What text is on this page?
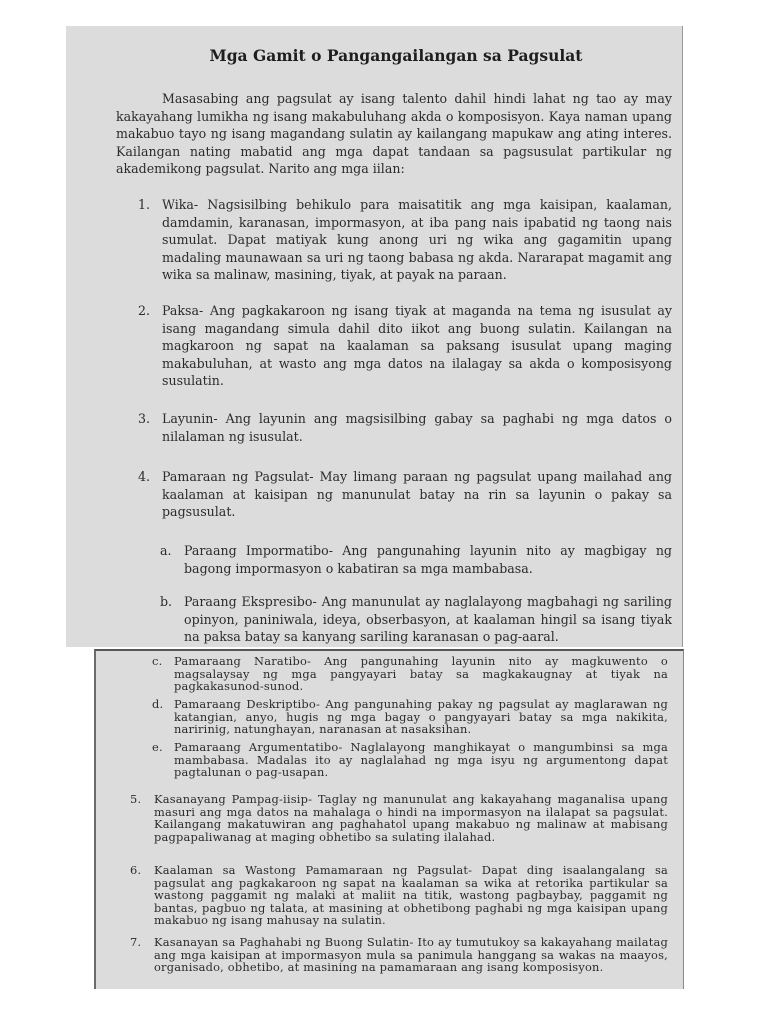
Mga Gamit o Pangangailangan sa Pagsulat
Masasabing ang pagsulat ay isang talento dahil hindi lahat ng tao ay may kakayahang lumikha ng isang makabuluhang akda o komposisyon. Kaya naman upang makabuo tayo ng isang magandang sulatin ay kailangang mapukaw ang ating interes. Kailangan nating mabatid ang mga dapat tandaan sa pagsusulat partikular ng akademikong pagsulat. Narito ang mga iilan:
1. Wika- Nagsisilbing behikulo para maisatitik ang mga kaisipan, kaalaman, damdamin, karanasan, impormasyon, at iba pang nais ipabatid ng taong nais sumulat. Dapat matiyak kung anong uri ng wika ang gagamitin upang madaling maunawaan sa uri ng taong babasa ng akda. Nararapat magamit ang wika sa malinaw, masining, tiyak, at payak na paraan.
2. Paksa- Ang pagkakaroon ng isang tiyak at maganda na tema ng isusulat ay isang magandang simula dahil dito iikot ang buong sulatin. Kailangan na magkaroon ng sapat na kaalaman sa paksang isusulat upang maging makabuluhan, at wasto ang mga datos na ilalagay sa akda o komposisyong susulatin.
3. Layunin- Ang layunin ang magsisilbing gabay sa paghabi ng mga datos o nilalaman ng isusulat.
4. Pamaraan ng Pagsulat- May limang paraan ng pagsulat upang mailahad ang kaalaman at kaisipan ng manunulat batay na rin sa layunin o pakay sa pagsusulat.
a. Paraang Impormatibo- Ang pangunahing layunin nito ay magbigay ng bagong impormasyon o kabatiran sa mga mambabasa.
b. Paraang Ekspresibo- Ang manunulat ay naglalayong magbahagi ng sariling opinyon, paniniwala, ideya, obserbasyon, at kaalaman hingil sa isang tiyak na paksa batay sa kanyang sariling karanasan o pag-aaral.
c.	Pamaraang Naratibo- Ang pangunahing layunin nito ay magkuwento o magsalaysay ng mga pangyayari batay sa magkakaugnay at tiyak na pagkakasunod-sunod.
d. Pamaraang Deskriptibo- Ang pangunahing pakay ng pagsulat ay maglarawan ng katangian, anyo, hugis ng mga bagay o pangyayari batay sa mga nakikita, naririnig, natunghayan, naranasan at nasaksihan.
e. Pamaraang Argumentatibo- Naglalayong manghikayat o mangumbinsi sa mga mambabasa. Madalas ito ay naglalahad ng mga isyu ng argumentong dapat pagtalunan o pag-usapan.
5.	Kasanayang Pampag-iisip- Taglay ng manunulat ang kakayahang maganalisa upang masuri ang mga datos na mahalaga o hindi na impormasyon na ilalapat sa pagsulat. Kailangang makatuwiran ang paghahatol upang makabuo ng malinaw at mabisang pagpapaliwanag at maging obhetibo sa sulating ilalahad.
6.	Kaalaman sa Wastong Pamamaraan ng Pagsulat- Dapat ding isaalangalang sa pagsulat ang pagkakaroon ng sapat na kaalaman sa wika at retorika partikular sa wastong paggamit ng malaki at maliit na titik, wastong pagbaybay, paggamit ng bantas, pagbuo ng talata, at masining at obhetibong paghabi ng mga kaisipan upang makabuo ng isang mahusay na sulatin.
7.	Kasanayan sa Paghahabi ng Buong Sulatin- Ito ay tumutukoy sa kakayahang mailatag ang mga kaisipan at impormasyon mula sa panimula hanggang sa wakas na maayos, organisado, obhetibo, at masining na pamamaraan ang isang komposisyon.
